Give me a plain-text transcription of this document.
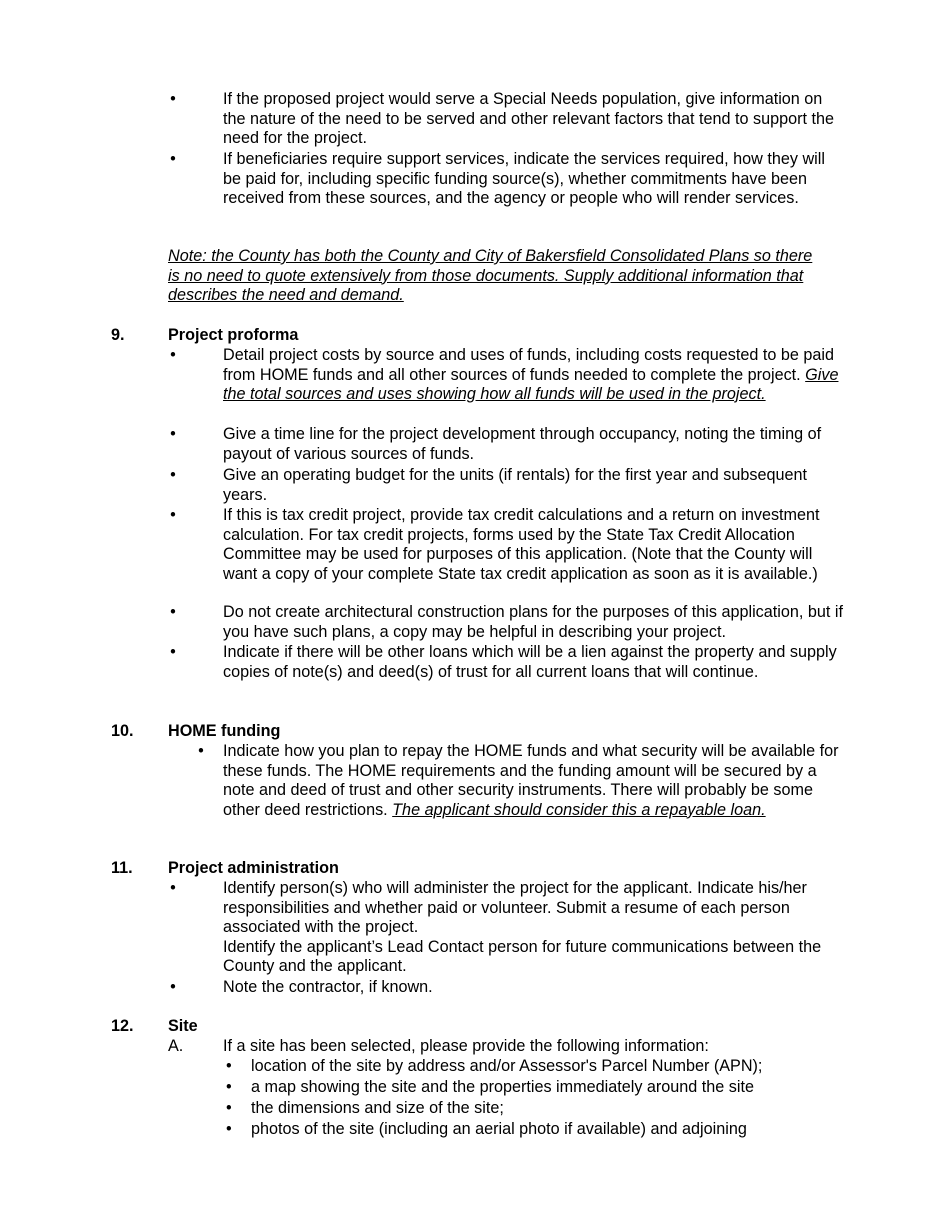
•	If the proposed project would serve a Special Needs population, give information on the nature of the need to be served and other relevant factors that tend to support the need for the project.
•	If beneficiaries require support services, indicate the services required, how they will be paid for, including specific funding source(s), whether commitments have been received from these sources, and the agency or people who will render services.
Note: the County has both the County and City of Bakersfield Consolidated Plans so there is no need to quote extensively from those documents. Supply additional information that describes the need and demand.
9.	Project proforma
•	Detail project costs by source and uses of funds, including costs requested to be paid from HOME funds and all other sources of funds needed to complete the project. Give the total sources and uses showing how all funds will be used in the project.
•	Give a time line for the project development through occupancy, noting the timing of payout of various sources of funds.
•	Give an operating budget for the units (if rentals) for the first year and subsequent years.
•	If this is tax credit project, provide tax credit calculations and a return on investment calculation. For tax credit projects, forms used by the State Tax Credit Allocation Committee may be used for purposes of this application. (Note that the County will want a copy of your complete State tax credit application as soon as it is available.)
•	Do not create architectural construction plans for the purposes of this application, but if you have such plans, a copy may be helpful in describing your project.
•	Indicate if there will be other loans which will be a lien against the property and supply copies of note(s) and deed(s) of trust for all current loans that will continue.
10. HOME funding
• Indicate how you plan to repay the HOME funds and what security will be available for these funds. The HOME requirements and the funding amount will be secured by a note and deed of trust and other security instruments. There will probably be some other deed restrictions. The applicant should consider this a repayable loan.
11. Project administration
•	Identify person(s) who will administer the project for the applicant. Indicate his/her responsibilities and whether paid or volunteer. Submit a resume of each person associated with the project.
Identify the applicant’s Lead Contact person for future communications between the County and the applicant.
•	Note the contractor, if known.
12. Site
A. If a site has been selected, please provide the following information:
• location of the site by address and/or Assessor's Parcel Number (APN);
• a map showing the site and the properties immediately around the site
• the dimensions and size of the site;
• photos of the site (including an aerial photo if available) and adjoining
